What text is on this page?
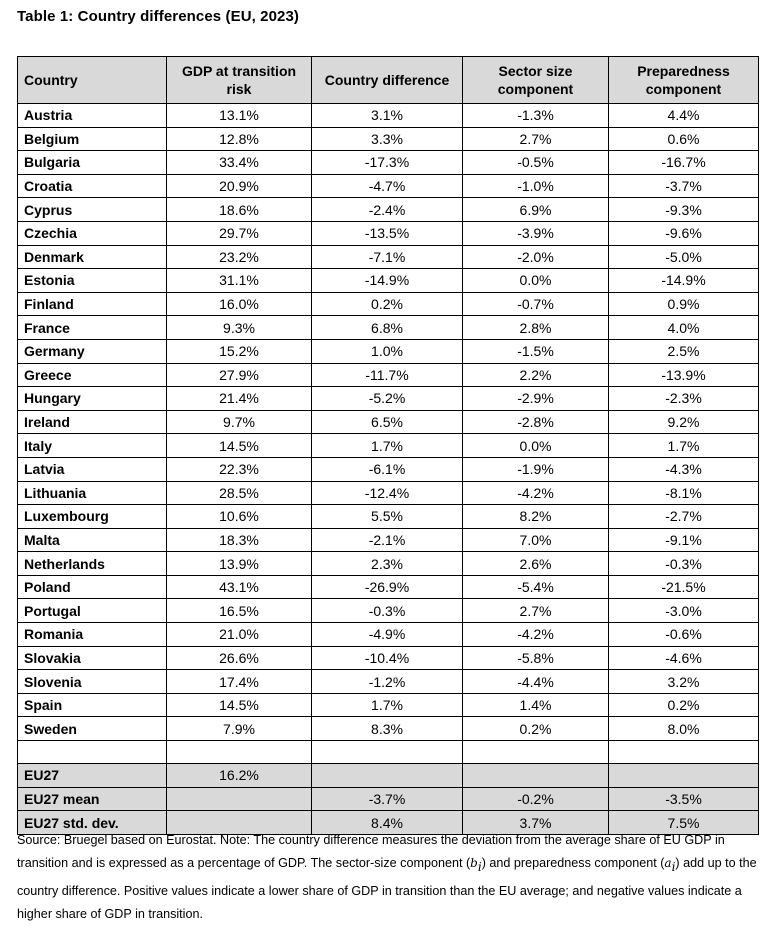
Table 1: Country differences (EU, 2023)
Country	GDP at transition risk	Country difference	Sector size component	Preparedness component
Austria	13.1%	3.1%	-1.3%	4.4%
Belgium	12.8%	3.3%	2.7%	0.6%
Bulgaria	33.4%	-17.3%	-0.5%	-16.7%
Croatia	20.9%	-4.7%	-1.0%	-3.7%
Cyprus	18.6%	-2.4%	6.9%	-9.3%
Czechia	29.7%	-13.5%	-3.9%	-9.6%
Denmark	23.2%	-7.1%	-2.0%	-5.0%
Estonia	31.1%	-14.9%	0.0%	-14.9%
Finland	16.0%	0.2%	-0.7%	0.9%
France	9.3%	6.8%	2.8%	4.0%
Germany	15.2%	1.0%	-1.5%	2.5%
Greece	27.9%	-11.7%	2.2%	-13.9%
Hungary	21.4%	-5.2%	-2.9%	-2.3%
Ireland	9.7%	6.5%	-2.8%	9.2%
Italy	14.5%	1.7%	0.0%	1.7%
Latvia	22.3%	-6.1%	-1.9%	-4.3%
Lithuania	28.5%	-12.4%	-4.2%	-8.1%
Luxembourg	10.6%	5.5%	8.2%	-2.7%
Malta	18.3%	-2.1%	7.0%	-9.1%
Netherlands	13.9%	2.3%	2.6%	-0.3%
Poland	43.1%	-26.9%	-5.4%	-21.5%
Portugal	16.5%	-0.3%	2.7%	-3.0%
Romania	21.0%	-4.9%	-4.2%	-0.6%
Slovakia	26.6%	-10.4%	-5.8%	-4.6%
Slovenia	17.4%	-1.2%	-4.4%	3.2%
Spain	14.5%	1.7%	1.4%	0.2%
Sweden	7.9%	8.3%	0.2%	8.0%

EU27	16.2%			
EU27 mean		-3.7%	-0.2%	-3.5%
EU27 std. dev.		8.4%	3.7%	7.5%
Source: Bruegel based on Eurostat. Note: The country difference measures the deviation from the average share of EU GDP in transition and is expressed as a percentage of GDP. The sector-size component $(b_i)$ and preparedness component $(a_i)$ add up to the country difference. Positive values indicate a lower share of GDP in transition than the EU average; and negative values indicate a higher share of GDP in transition.
